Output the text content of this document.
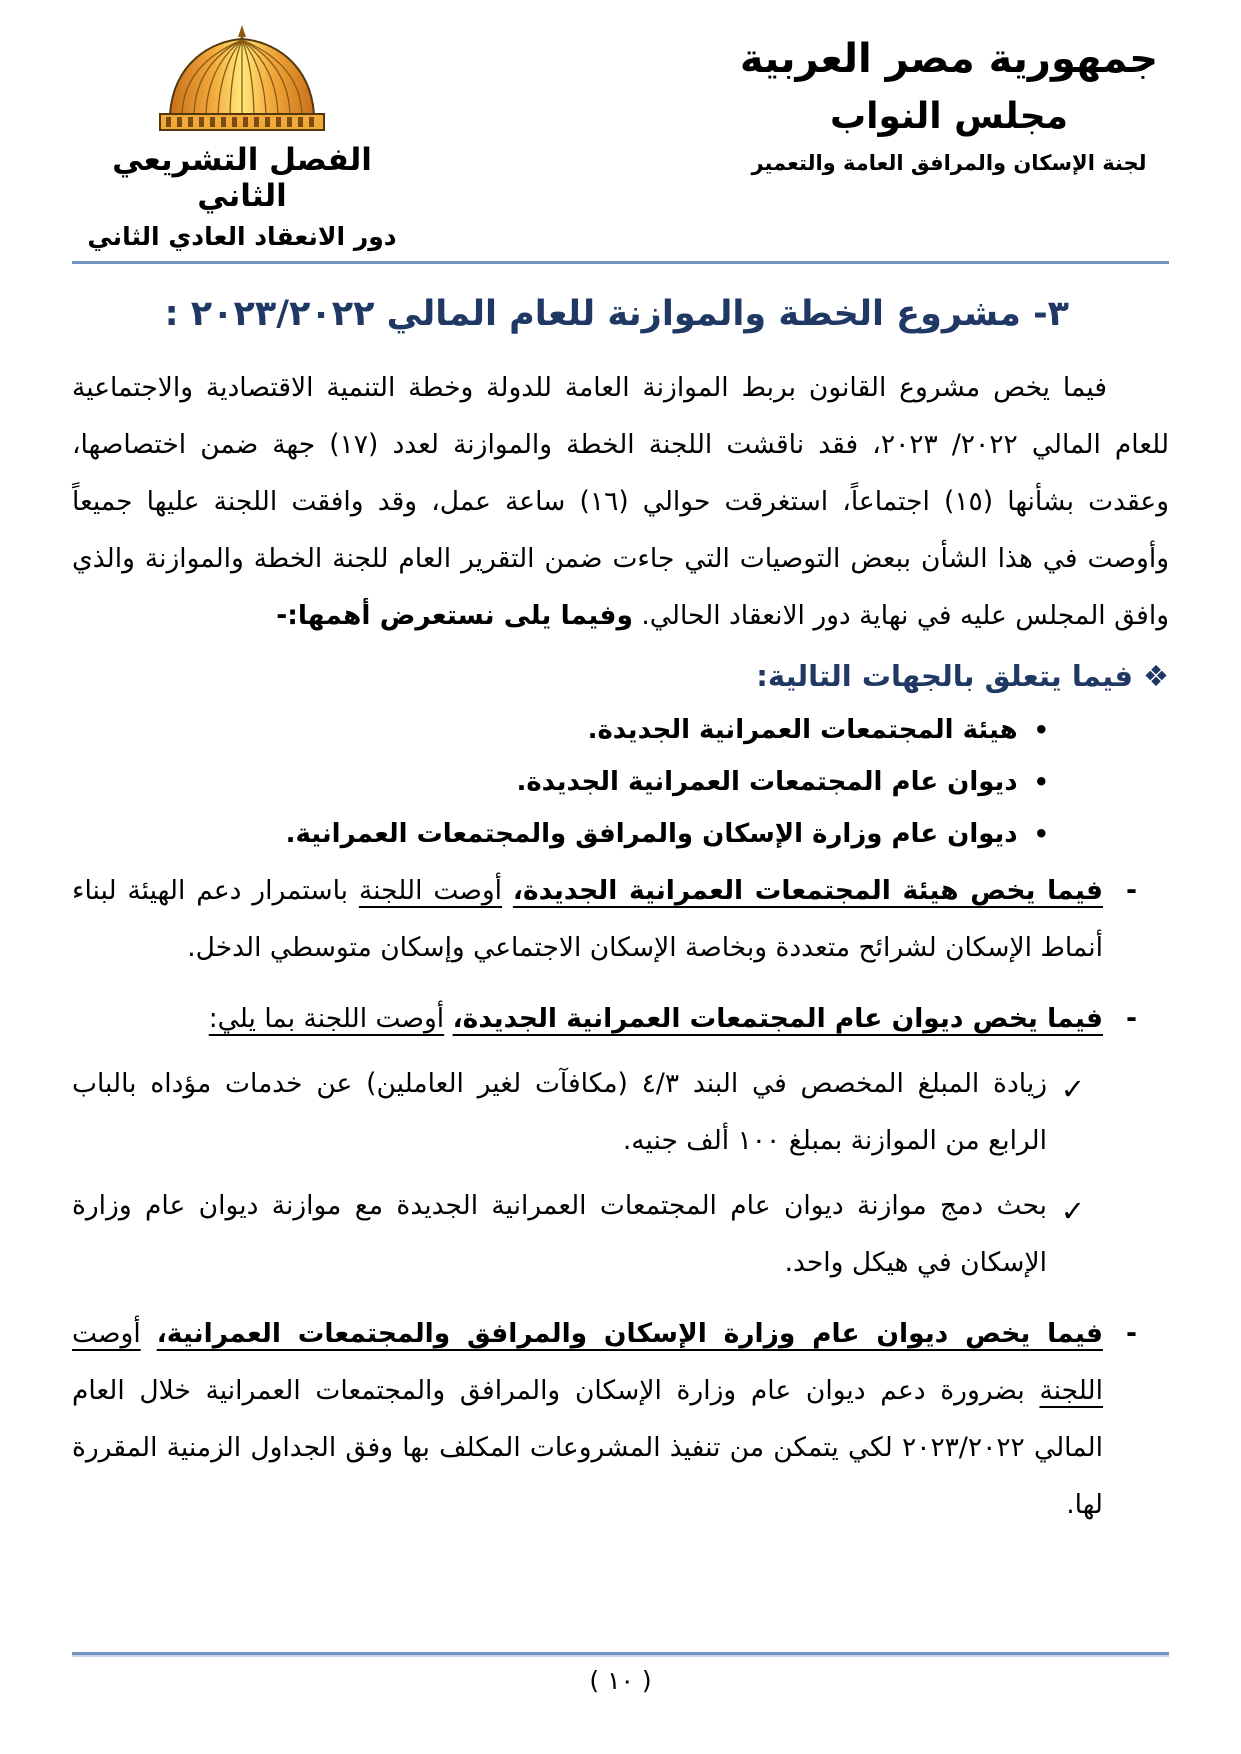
الفصل التشريعي الثاني
دور الانعقاد العادي الثاني
جمهورية مصر العربية
مجلس النواب
لجنة الإسكان والمرافق العامة والتعمير
٣- مشروع الخطة والموازنة للعام المالي ٢٠٢٣/٢٠٢٢ :

فيما يخص مشروع القانون بربط الموازنة العامة للدولة وخطة التنمية الاقتصادية والاجتماعية للعام المالي ٢٠٢٢/ ٢٠٢٣، فقد ناقشت اللجنة الخطة والموازنة لعدد (١٧) جهة ضمن اختصاصها، وعقدت بشأنها (١٥) اجتماعاً، استغرقت حوالي (١٦) ساعة عمل، وقد وافقت اللجنة عليها جميعاً وأوصت في هذا الشأن ببعض التوصيات التي جاءت ضمن التقرير العام للجنة الخطة والموازنة والذي وافق المجلس عليه في نهاية دور الانعقاد الحالي. وفيما يلى نستعرض أهمها:-

❖فيما يتعلق بالجهات التالية:
•
هيئة المجتمعات العمرانية الجديدة.
•
ديوان عام المجتمعات العمرانية الجديدة.
•
ديوان عام وزارة الإسكان والمرافق والمجتمعات العمرانية.

-
فيما يخص هيئة المجتمعات العمرانية الجديدة، أوصت اللجنة باستمرار دعم الهيئة لبناء أنماط الإسكان لشرائح متعددة وبخاصة الإسكان الاجتماعي وإسكان متوسطي الدخل.

-
فيما يخص ديوان عام المجتمعات العمرانية الجديدة، أوصت اللجنة بما يلي:

✓
زيادة المبلغ المخصص في البند ٤/٣ (مكافآت لغير العاملين) عن خدمات مؤداه بالباب الرابع من الموازنة بمبلغ ١٠٠ ألف جنيه.

✓
بحث دمج موازنة ديوان عام المجتمعات العمرانية الجديدة مع موازنة ديوان عام وزارة الإسكان في هيكل واحد.

-
فيما يخص ديوان عام وزارة الإسكان والمرافق والمجتمعات العمرانية، أوصت اللجنة بضرورة دعم ديوان عام وزارة الإسكان والمرافق والمجتمعات العمرانية خلال العام المالي ٢٠٢٣/٢٠٢٢ لكي يتمكن من تنفيذ المشروعات المكلف بها وفق الجداول الزمنية المقررة لها.

( ١٠ )
